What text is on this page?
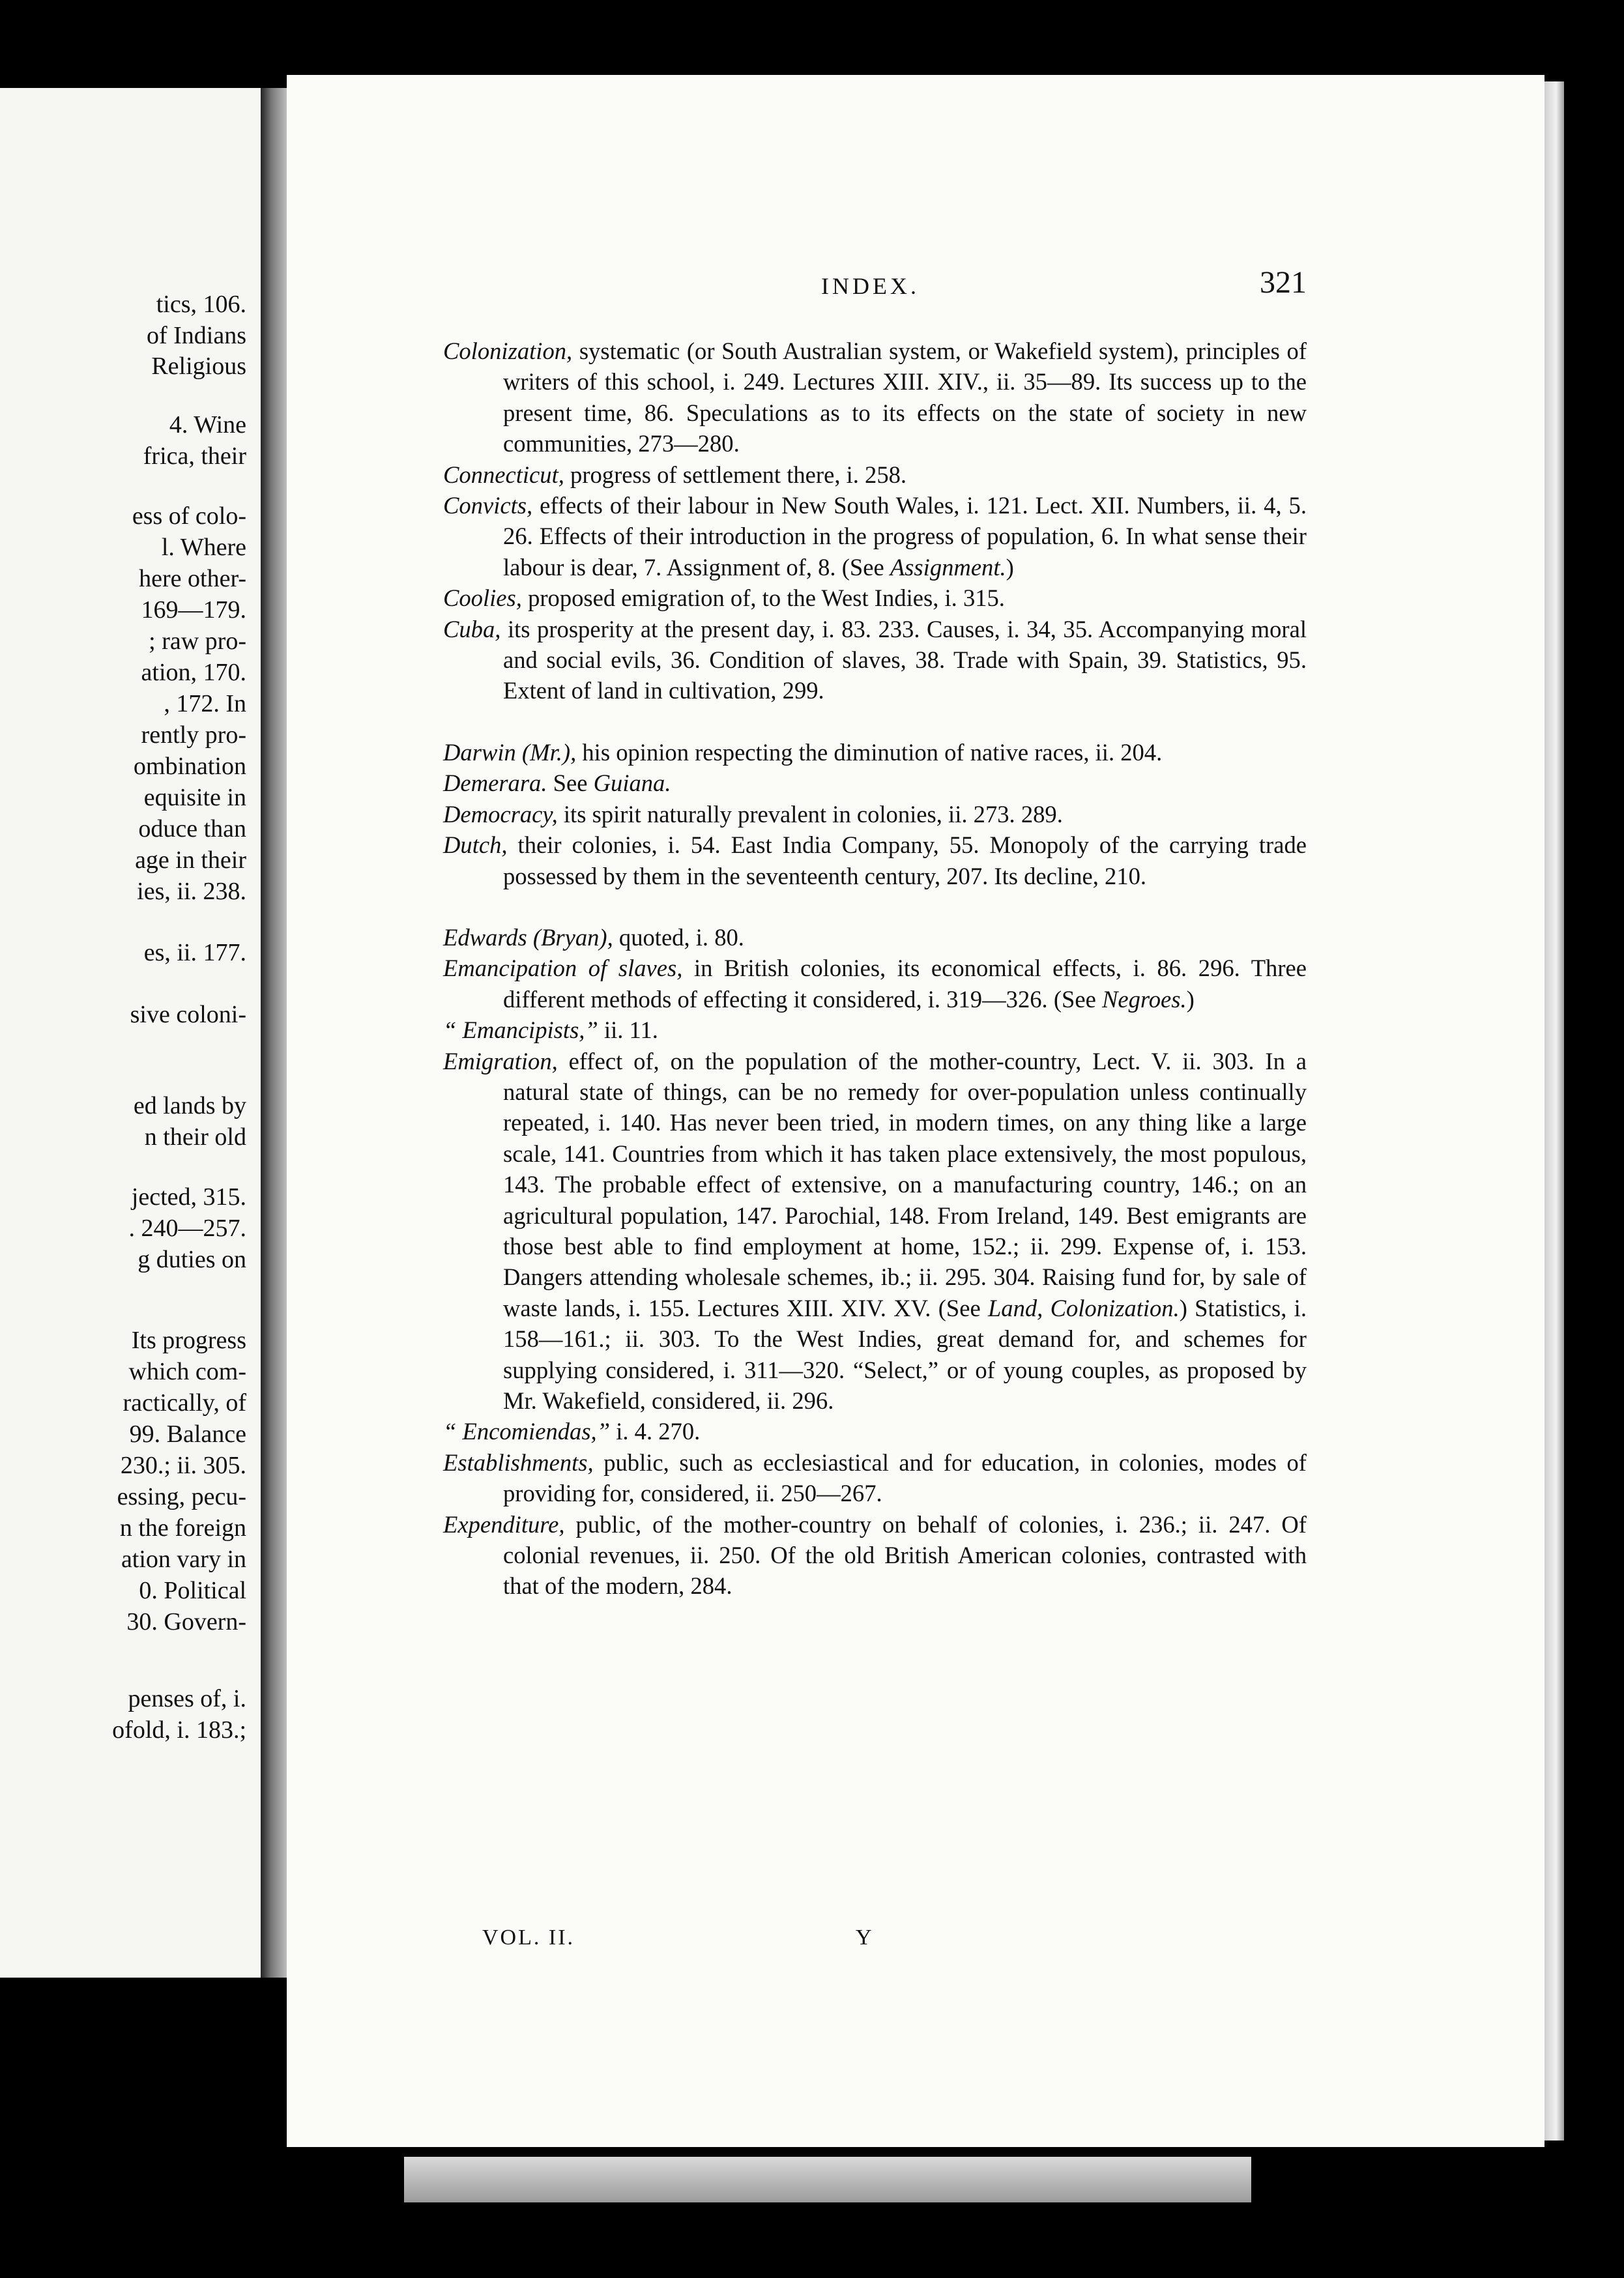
tics, 106.
of Indians
Religious
4. Wine
frica, their
ess of colo-
l. Where
here other-
169—179.
; raw pro-
ation, 170.
, 172. In
rently pro-
ombination
equisite in
oduce than
age in their
ies, ii. 238.
es, ii. 177.
sive coloni-
ed lands by
n their old
jected, 315.
. 240—257.
g duties on
Its progress
which com-
ractically, of
99. Balance
230.; ii. 305.
essing, pecu-
n the foreign
ation vary in
0. Political
30. Govern-
penses of, i.
ofold, i. 183.;
INDEX.	321

Colonization, systematic (or South Australian system, or Wakefield system), principles of writers of this school, i. 249. Lectures XIII. XIV., ii. 35—89. Its success up to the present time, 86. Speculations as to its effects on the state of society in new communities, 273—280.

Connecticut, progress of settlement there, i. 258.

Convicts, effects of their labour in New South Wales, i. 121. Lect. XII. Numbers, ii. 4, 5. 26. Effects of their introduction in the progress of population, 6. In what sense their labour is dear, 7. Assignment of, 8. (See Assignment.)

Coolies, proposed emigration of, to the West Indies, i. 315.

Cuba, its prosperity at the present day, i. 83. 233. Causes, i. 34, 35. Accompanying moral and social evils, 36. Condition of slaves, 38. Trade with Spain, 39. Statistics, 95. Extent of land in cultivation, 299.

Darwin (Mr.), his opinion respecting the diminution of native races, ii. 204.

Demerara. See Guiana.

Democracy, its spirit naturally prevalent in colonies, ii. 273. 289.

Dutch, their colonies, i. 54. East India Company, 55. Monopoly of the carrying trade possessed by them in the seventeenth century, 207. Its decline, 210.

Edwards (Bryan), quoted, i. 80.

Emancipation of slaves, in British colonies, its economical effects, i. 86. 296. Three different methods of effecting it considered, i. 319—326. (See Negroes.)

“ Emancipists,” ii. 11.

Emigration, effect of, on the population of the mother-country, Lect. V. ii. 303. In a natural state of things, can be no remedy for over-population unless continually repeated, i. 140. Has never been tried, in modern times, on any thing like a large scale, 141. Countries from which it has taken place extensively, the most populous, 143. The probable effect of extensive, on a manufacturing country, 146.; on an agricultural population, 147. Parochial, 148. From Ireland, 149. Best emigrants are those best able to find employment at home, 152.; ii. 299. Expense of, i. 153. Dangers attending wholesale schemes, ib.; ii. 295. 304. Raising fund for, by sale of waste lands, i. 155. Lectures XIII. XIV. XV. (See Land, Colonization.) Statistics, i. 158—161.; ii. 303. To the West Indies, great demand for, and schemes for supplying considered, i. 311—320. “Select,” or of young couples, as proposed by Mr. Wakefield, considered, ii. 296.

“ Encomiendas,” i. 4. 270.

Establishments, public, such as ecclesiastical and for education, in colonies, modes of providing for, considered, ii. 250—267.

Expenditure, public, of the mother-country on behalf of colonies, i. 236.; ii. 247. Of colonial revenues, ii. 250. Of the old British American colonies, contrasted with that of the modern, 284.

VOL. II.	Y
